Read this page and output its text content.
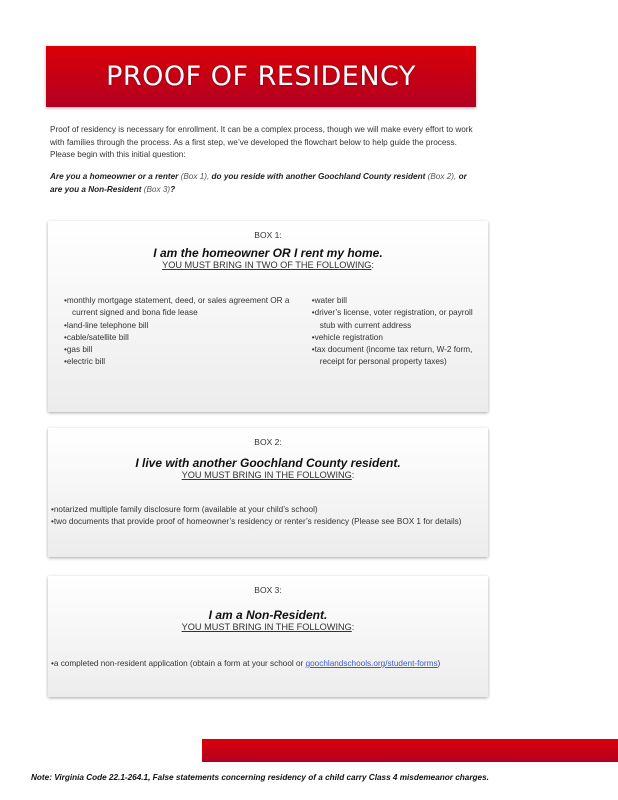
PROOF OF RESIDENCY
Proof of residency is necessary for enrollment. It can be a complex process, though we will make every effort to work with families through the process. As a first step, we’ve developed the flowchart below to help guide the process. Please begin with this initial question:
Are you a homeowner or a renter (Box 1), do you reside with another Goochland County resident (Box 2), or are you a Non-Resident (Box 3)?
BOX 1:
I am the homeowner OR I rent my home.
YOU MUST BRING IN TWO OF THE FOLLOWING:
• monthly mortgage statement, deed, or sales agreement OR a current signed and bona fide lease
• land-line telephone bill
• cable/satellite bill
• gas bill
• electric bill
• water bill
• driver’s license, voter registration, or payroll stub with current address
• vehicle registration
• tax document (income tax return, W-2 form, receipt for personal property taxes)
BOX 2:
I live with another Goochland County resident.
YOU MUST BRING IN THE FOLLOWING:
• notarized multiple family disclosure form (available at your child’s school)
• two documents that provide proof of homeowner’s residency or renter’s residency (Please see BOX 1 for details)
BOX 3:
I am a Non-Resident.
YOU MUST BRING IN THE FOLLOWING:
• a completed non-resident application (obtain a form at your school or goochlandschools.org/student-forms)
Note: Virginia Code 22.1-264.1, False statements concerning residency of a child carry Class 4 misdemeanor charges.
